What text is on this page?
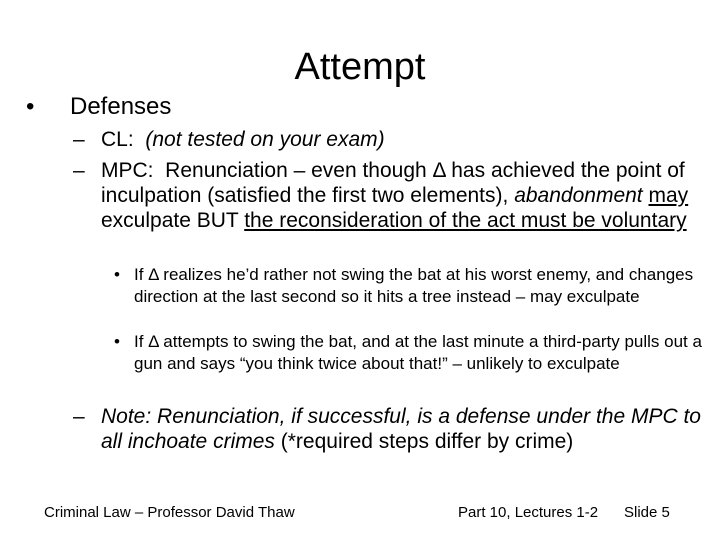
Attempt
• Defenses
– CL: (not tested on your exam)
– MPC: Renunciation – even though Δ has achieved the point of inculpation (satisfied the first two elements), abandonment may exculpate BUT the reconsideration of the act must be voluntary
• If Δ realizes he’d rather not swing the bat at his worst enemy, and changes direction at the last second so it hits a tree instead – may exculpate
• If Δ attempts to swing the bat, and at the last minute a third-party pulls out a gun and says “you think twice about that!” – unlikely to exculpate
– Note: Renunciation, if successful, is a defense under the MPC to all inchoate crimes (*required steps differ by crime)
Criminal Law – Professor David Thaw	Part 10, Lectures 1-2 Slide 5
